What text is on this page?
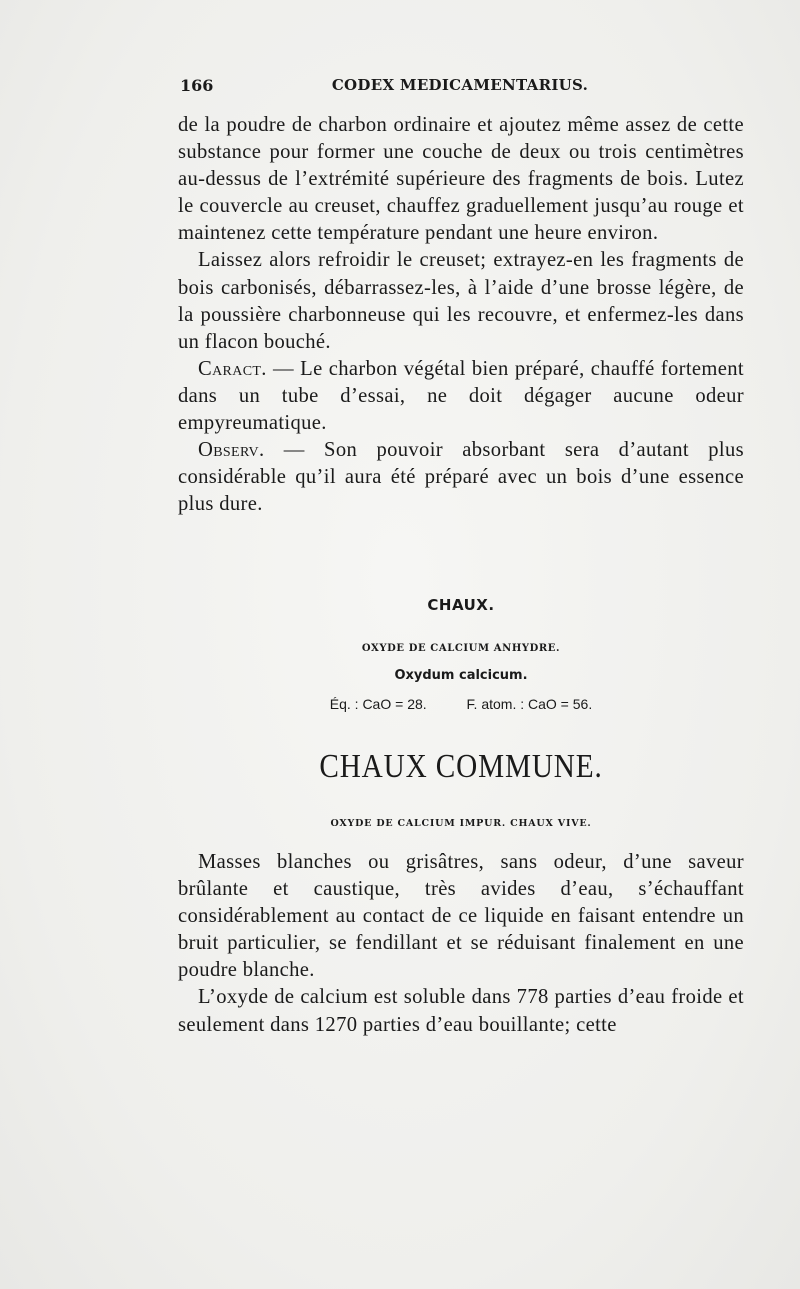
166	CODEX MEDICAMENTARIUS.

de la poudre de charbon ordinaire et ajoutez même assez de cette substance pour former une couche de deux ou trois centimètres au-dessus de l’extrémité supérieure des fragments de bois. Lutez le couvercle au creuset, chauffez graduellement jusqu’au rouge et maintenez cette température pendant une heure environ.

Laissez alors refroidir le creuset; extrayez-en les fragments de bois carbonisés, débarrassez-les, à l’aide d’une brosse légère, de la poussière charbonneuse qui les recouvre, et enfermez-les dans un flacon bouché.

Caract. — Le charbon végétal bien préparé, chauffé fortement dans un tube d’essai, ne doit dégager aucune odeur empyreumatique.

Observ. — Son pouvoir absorbant sera d’autant plus considérable qu’il aura été préparé avec un bois d’une essence plus dure.

CHAUX.
OXYDE DE CALCIUM ANHYDRE.
Oxydum calcicum.
Éq. : CaO = 28.	F. atom. : CaO = 56.
CHAUX COMMUNE.
OXYDE DE CALCIUM IMPUR. CHAUX VIVE.

Masses blanches ou grisâtres, sans odeur, d’une saveur brûlante et caustique, très avides d’eau, s’échauffant considérablement au contact de ce liquide en faisant entendre un bruit particulier, se fendillant et se réduisant finalement en une poudre blanche.

L’oxyde de calcium est soluble dans 778 parties d’eau froide et seulement dans 1270 parties d’eau bouillante; cette
